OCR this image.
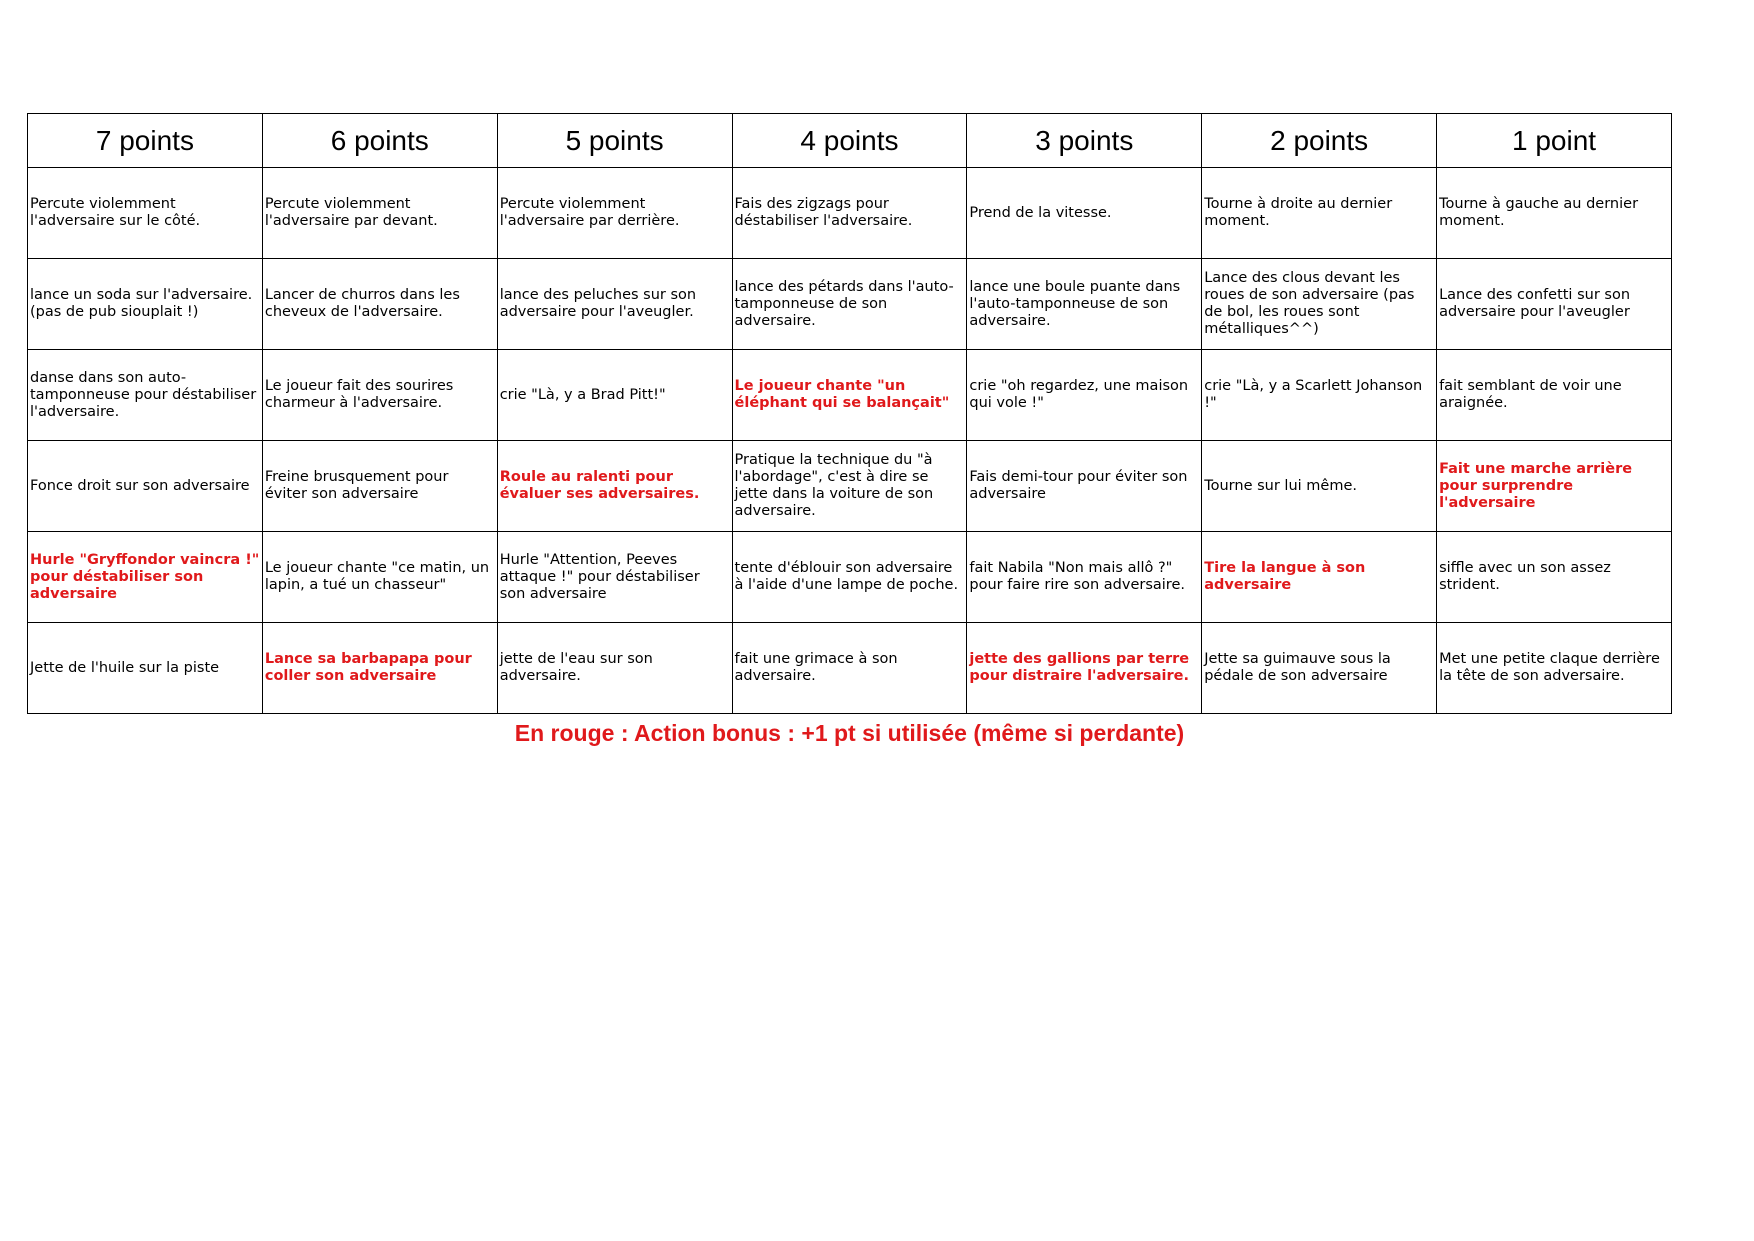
7 points	6 points	5 points	4 points	3 points	2 points	1 point
Percute violemment l'adversaire sur le côté.	Percute violemment l'adversaire par devant.	Percute violemment l'adversaire par derrière.	Fais des zigzags pour déstabiliser l'adversaire.	Prend de la vitesse.	Tourne à droite au dernier moment.	Tourne à gauche au dernier moment.
lance un soda sur l'adversaire. (pas de pub siouplait !)	Lancer de churros dans les cheveux de l'adversaire.	lance des peluches sur son adversaire pour l'aveugler.	lance des pétards dans l'auto-tamponneuse de son adversaire.	lance une boule puante dans l'auto-tamponneuse de son adversaire.	Lance des clous devant les roues de son adversaire (pas de bol, les roues sont métalliques^^)	Lance des confetti sur son adversaire pour l'aveugler
danse dans son auto-tamponneuse pour déstabiliser l'adversaire.	Le joueur fait des sourires charmeur à l'adversaire.	crie "Là, y a Brad Pitt!"	Le joueur chante "un éléphant qui se balançait"	crie "oh regardez, une maison qui vole !"	crie "Là, y a Scarlett Johanson !"	fait semblant de voir une araignée.
Fonce droit sur son adversaire	Freine brusquement pour éviter son adversaire	Roule au ralenti pour évaluer ses adversaires.	Pratique la technique du "à l'abordage", c'est à dire se jette dans la voiture de son adversaire.	Fais demi-tour pour éviter son adversaire	Tourne sur lui même.	Fait une marche arrière pour surprendre l'adversaire
Hurle "Gryffondor vaincra !" pour déstabiliser son adversaire	Le joueur chante "ce matin, un lapin, a tué un chasseur"	Hurle "Attention, Peeves attaque !" pour déstabiliser son adversaire	tente d'éblouir son adversaire à l'aide d'une lampe de poche.	fait Nabila "Non mais allô ?" pour faire rire son adversaire.	Tire la langue à son adversaire	siffle avec un son assez strident.
Jette de l'huile sur la piste	Lance sa barbapapa pour coller son adversaire	jette de l'eau sur son adversaire.	fait une grimace à son adversaire.	jette des gallions par terre pour distraire l'adversaire.	Jette sa guimauve sous la pédale de son adversaire	Met une petite claque derrière la tête de son adversaire.
En rouge : Action bonus : +1 pt si utilisée (même si perdante)
